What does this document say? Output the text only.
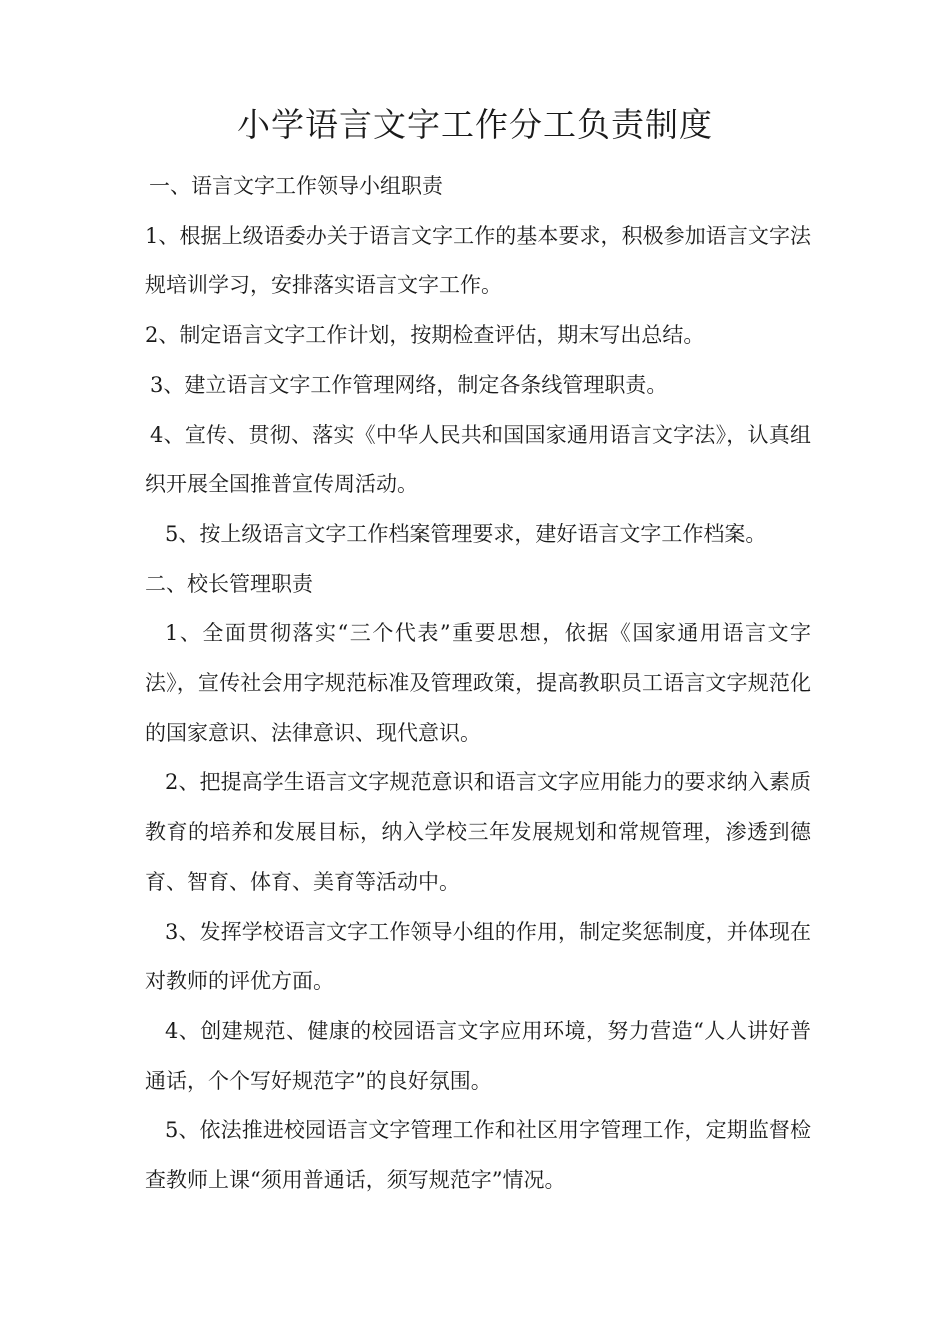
小学语言文字工作分工负责制度

一、语言文字工作领导小组职责

1、根据上级语委办关于语言文字工作的基本要求，积极参加语言文字法规培训学习，安排落实语言文字工作。

2、制定语言文字工作计划，按期检查评估，期末写出总结。

3、建立语言文字工作管理网络，制定各条线管理职责。

4、宣传、贯彻、落实《中华人民共和国国家通用语言文字法》，认真组织开展全国推普宣传周活动。

5、按上级语言文字工作档案管理要求，建好语言文字工作档案。

二、校长管理职责

1、全面贯彻落实“三个代表”重要思想，依据《国家通用语言文字法》，宣传社会用字规范标准及管理政策，提高教职员工语言文字规范化的国家意识、法律意识、现代意识。

2、把提高学生语言文字规范意识和语言文字应用能力的要求纳入素质教育的培养和发展目标，纳入学校三年发展规划和常规管理，渗透到德育、智育、体育、美育等活动中。

3、发挥学校语言文字工作领导小组的作用，制定奖惩制度，并体现在对教师的评优方面。

4、创建规范、健康的校园语言文字应用环境，努力营造“人人讲好普通话，个个写好规范字”的良好氛围。

5、依法推进校园语言文字管理工作和社区用字管理工作，定期监督检查教师上课“须用普通话，须写规范字”情况。
